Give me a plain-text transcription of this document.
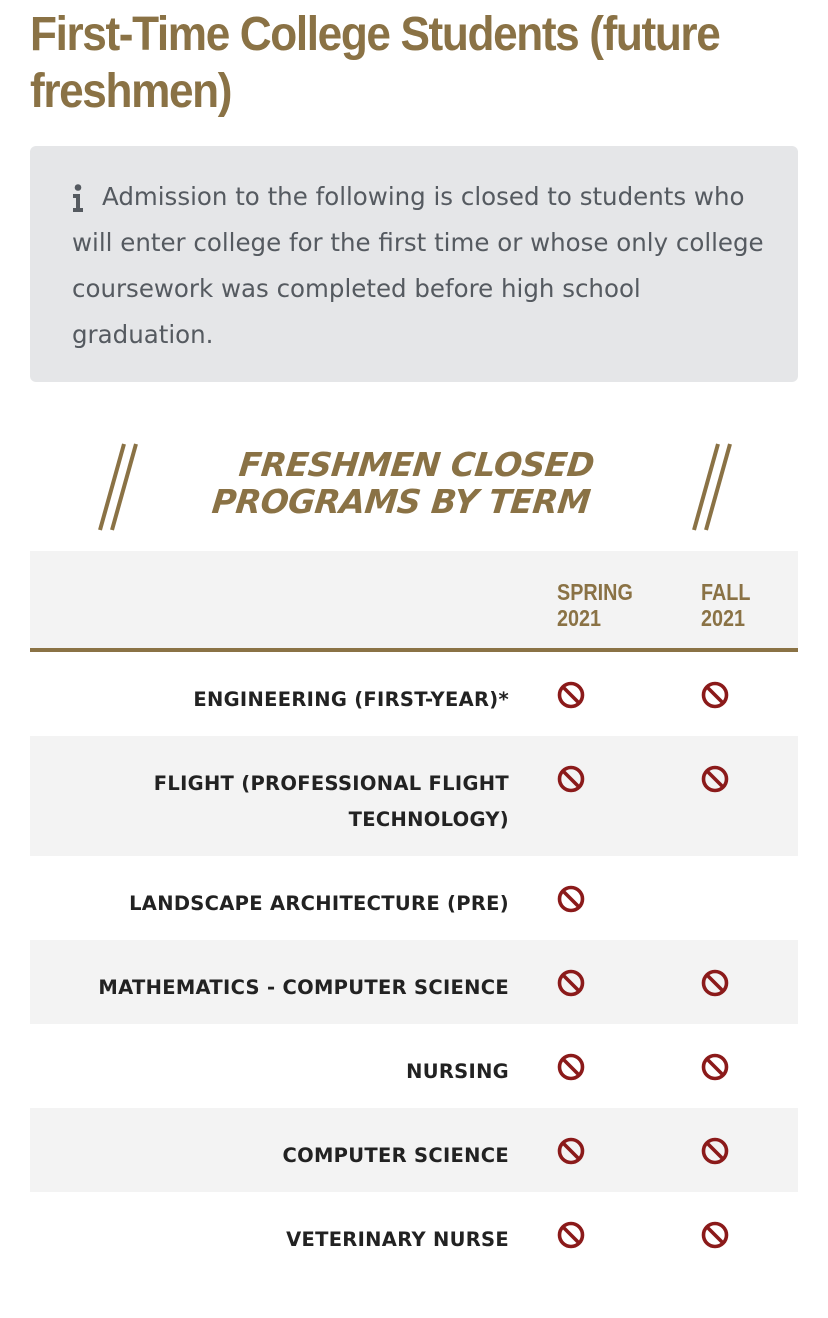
First-Time College Students (future freshmen)

Admission to the following is closed to students who will enter college for the first time or whose only college coursework was completed before high school graduation.

FRESHMEN CLOSED
PROGRAMS BY TERM
SPRING 2021
FALL 2021
ENGINEERING (FIRST-YEAR)*
FLIGHT (PROFESSIONAL FLIGHT TECHNOLOGY)
LANDSCAPE ARCHITECTURE (PRE)
MATHEMATICS - COMPUTER SCIENCE
NURSING
COMPUTER SCIENCE
VETERINARY NURSE
